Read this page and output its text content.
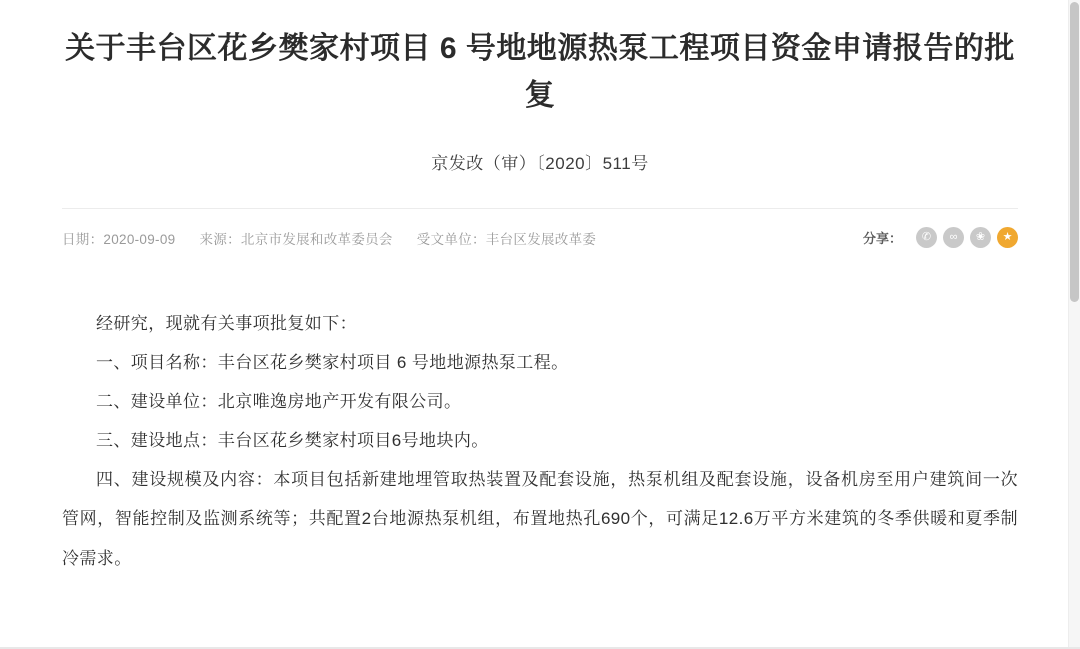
关于丰台区花乡樊家村项目 6 号地地源热泵工程项目资金申请报告的批复
京发改（审）〔2020〕511号
日期：2020-09-09 来源：北京市发展和改革委员会 受文单位：丰台区发展改革委	分享：	✆	∞	❀	★

经研究，现就有关事项批复如下：

一、项目名称：丰台区花乡樊家村项目 6 号地地源热泵工程。

二、建设单位：北京唯逸房地产开发有限公司。

三、建设地点：丰台区花乡樊家村项目6号地块内。

四、建设规模及内容：本项目包括新建地埋管取热装置及配套设施，热泵机组及配套设施，设备机房至用户建筑间一次管网，智能控制及监测系统等；共配置2台地源热泵机组，布置地热孔690个，可满足12.6万平方米建筑的冬季供暖和夏季制冷需求。
